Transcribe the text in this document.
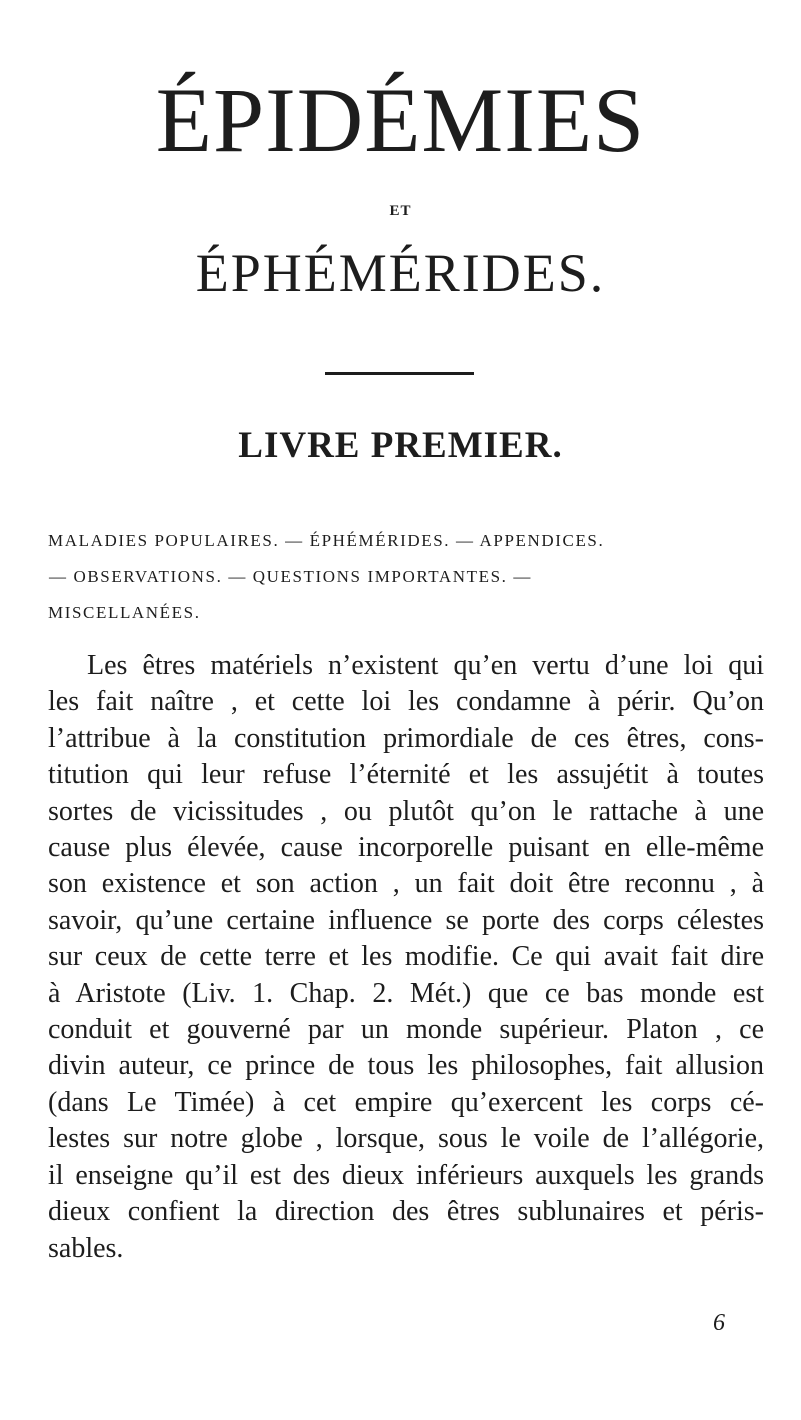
ÉPIDÉMIES
ET
ÉPHÉMÉRIDES.
LIVRE PREMIER.
MALADIES POPULAIRES. — ÉPHÉMÉRIDES. — APPENDICES.
— OBSERVATIONS. — QUESTIONS IMPORTANTES. —
MISCELLANÉES.
Les êtres matériels n’existent qu’en vertu d’une loi qui
les fait naître , et cette loi les condamne à périr. Qu’on
l’attribue à la constitution primordiale de ces êtres, cons-
titution qui leur refuse l’éternité et les assujétit à toutes
sortes de vicissitudes , ou plutôt qu’on le rattache à une
cause plus élevée, cause incorporelle puisant en elle-même
son existence et son action , un fait doit être reconnu , à
savoir, qu’une certaine influence se porte des corps célestes
sur ceux de cette terre et les modifie. Ce qui avait fait dire
à Aristote (Liv. 1. Chap. 2. Mét.) que ce bas monde est
conduit et gouverné par un monde supérieur. Platon , ce
divin auteur, ce prince de tous les philosophes, fait allusion
(dans Le Timée) à cet empire qu’exercent les corps cé-
lestes sur notre globe , lorsque, sous le voile de l’allégorie,
il enseigne qu’il est des dieux inférieurs auxquels les grands
dieux confient la direction des êtres sublunaires et péris-
sables.
6
